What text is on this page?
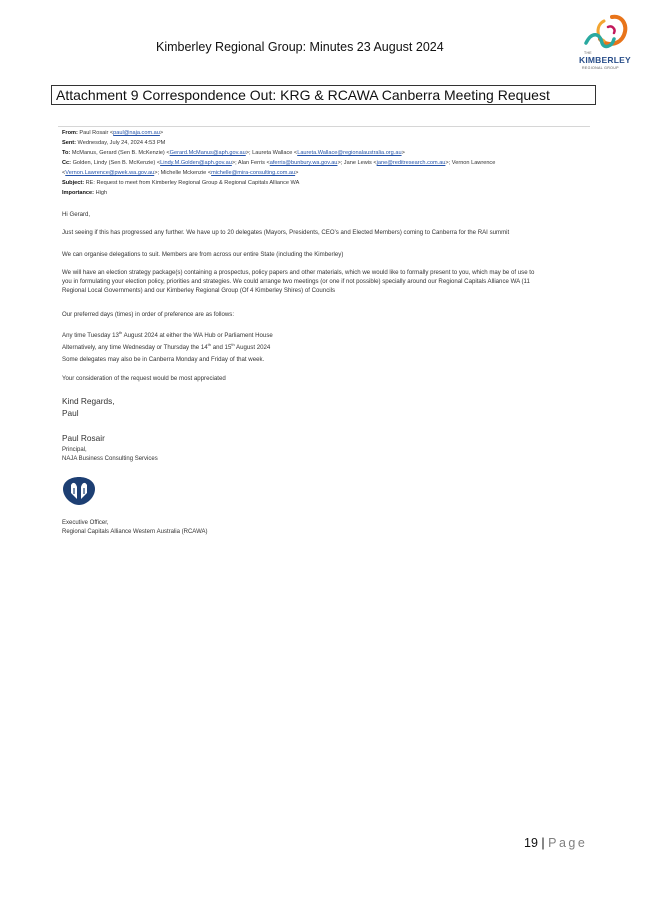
Kimberley Regional Group: Minutes 23 August 2024	THE
KIMBERLEY
REGIONAL GROUP
Attachment 9 Correspondence Out: KRG & RCAWA Canberra Meeting Request
From: Paul Rosair <paul@naja.com.au>
Sent: Wednesday, July 24, 2024 4:53 PM
To: McManus, Gerard (Sen B. McKenzie) <Gerard.McManus@aph.gov.au>; Laureta Wallace <Laureta.Wallace@regionalaustralia.org.au>
Cc: Golden, Lindy (Sen B. McKenzie) <Lindy.M.Golden@aph.gov.au>; Alan Ferris <aferris@bunbury.wa.gov.au>; Jane Lewis <jane@reditresearch.com.au>; Vernon Lawrence
<Vernon.Lawrence@pwek.wa.gov.au>; Michelle Mckenzie <michelle@mira-consulting.com.au>
Subject: RE: Request to meet from Kimberley Regional Group & Regional Capitals Alliance WA
Importance: High
Hi Gerard,
Just seeing if this has progressed any further. We have up to 20 delegates (Mayors, Presidents, CEO’s and Elected Members) coming to Canberra for the RAI summit
We can organise delegations to suit. Members are from across our entire State (including the Kimberley)
We will have an election strategy package(s) containing a prospectus, policy papers and other materials, which we would like to formally present to you, which may be of use to
you in formulating your election policy, priorities and strategies. We could arrange two meetings (or one if not possible) specially around our Regional Capitals Alliance WA (11
Regional Local Governments) and our Kimberley Regional Group (Of 4 Kimberley Shires) of Councils
Our preferred days (times) in order of preference are as follows:
Any time Tuesday 13th August 2024 at either the WA Hub or Parliament House
Alternatively, any time Wednesday or Thursday the 14th and 15th August 2024
Some delegates may also be in Canberra Monday and Friday of that week.
Your consideration of the request would be most appreciated
Kind Regards,
Paul
Paul Rosair
Principal,
NAJA Business Consulting Services
Executive Officer,
Regional Capitals Alliance Western Australia (RCAWA)
19 | Page
